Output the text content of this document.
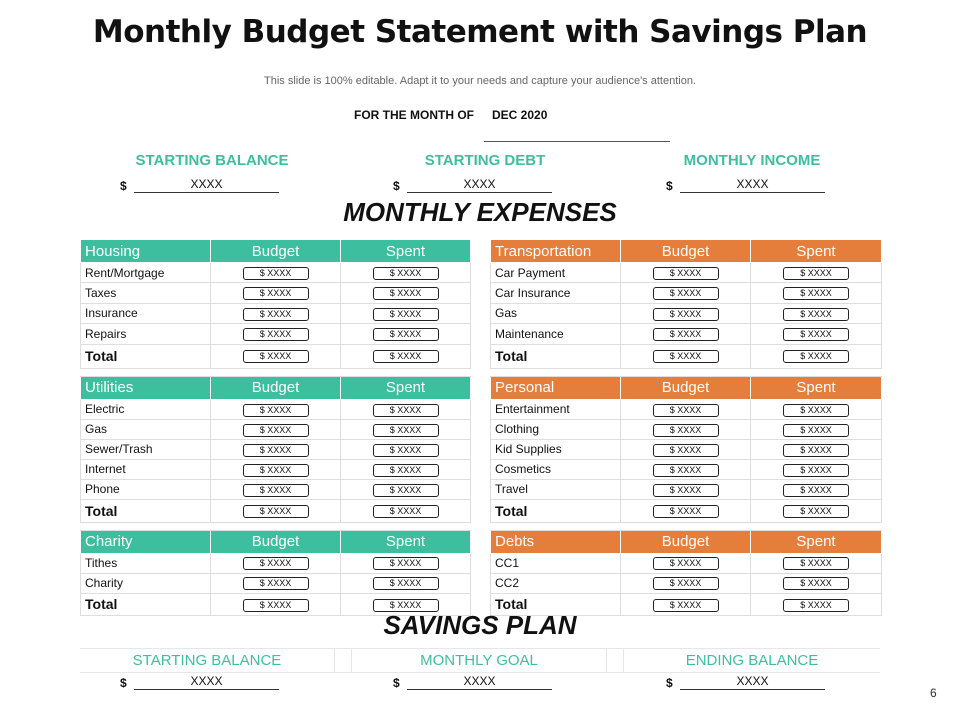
Monthly Budget Statement with Savings Plan
This slide is 100% editable. Adapt it to your needs and capture your audience's attention.
FOR THE MONTH OF DEC 2020
STARTING BALANCE
$	XXXX
STARTING DEBT
$	XXXX
MONTHLY INCOME
$	XXXX
MONTHLY EXPENSES
Housing	Budget	Spent
Rent/Mortgage	$ XXXX	$ XXXX
Taxes	$ XXXX	$ XXXX
Insurance	$ XXXX	$ XXXX
Repairs	$ XXXX	$ XXXX
Total	$ XXXX	$ XXXX

Utilities	Budget	Spent
Electric	$ XXXX	$ XXXX
Gas	$ XXXX	$ XXXX
Sewer/Trash	$ XXXX	$ XXXX
Internet	$ XXXX	$ XXXX
Phone	$ XXXX	$ XXXX
Total	$ XXXX	$ XXXX

Charity	Budget	Spent
Tithes	$ XXXX	$ XXXX
Charity	$ XXXX	$ XXXX
Total	$ XXXX	$ XXXX
Transportation	Budget	Spent
Car Payment	$ XXXX	$ XXXX
Car Insurance	$ XXXX	$ XXXX
Gas	$ XXXX	$ XXXX
Maintenance	$ XXXX	$ XXXX
Total	$ XXXX	$ XXXX

Personal	Budget	Spent
Entertainment	$ XXXX	$ XXXX
Clothing	$ XXXX	$ XXXX
Kid Supplies	$ XXXX	$ XXXX
Cosmetics	$ XXXX	$ XXXX
Travel	$ XXXX	$ XXXX
Total	$ XXXX	$ XXXX

Debts	Budget	Spent
CC1	$ XXXX	$ XXXX
CC2	$ XXXX	$ XXXX
Total	$ XXXX	$ XXXX
SAVINGS PLAN
STARTING BALANCE	MONTHLY GOAL	ENDING BALANCE
$	XXXX	$	XXXX	$	XXXX
6
